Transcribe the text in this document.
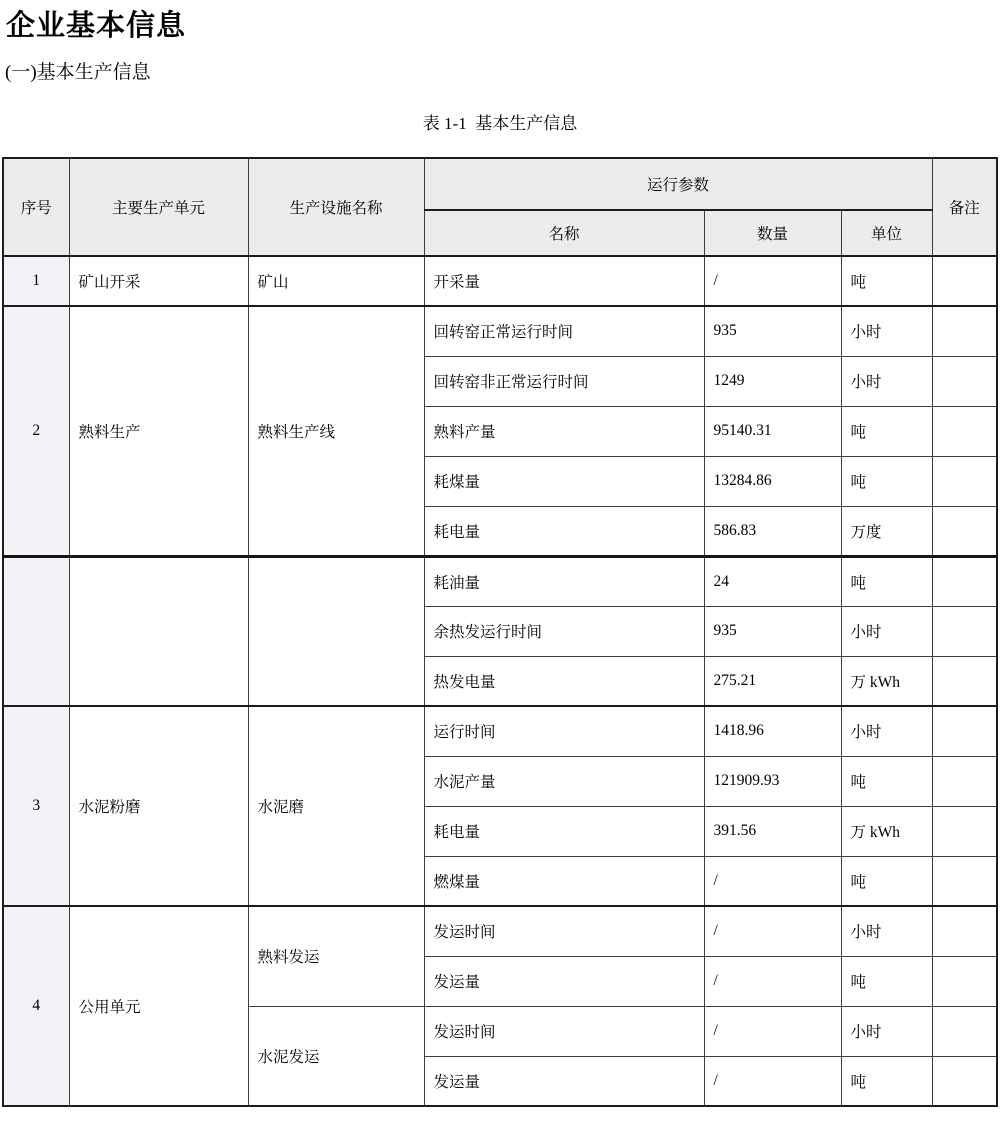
企业基本信息
(一)基本生产信息
表 1-1  基本生产信息
序号	主要生产单元	生产设施名称	运行参数			备注
			名称	数量	单位	
1	矿山开采	矿山	开采量	/	吨	
2	熟料生产	熟料生产线	回转窑正常运行时间	935	小时	
			回转窑非正常运行时间	1249	小时	
			熟料产量	95140.31	吨	
			耗煤量	13284.86	吨	
			耗电量	586.83	万度	
			耗油量	24	吨	
			余热发运行时间	935	小时	
			热发电量	275.21	万 kWh	
3	水泥粉磨	水泥磨	运行时间	1418.96	小时	
			水泥产量	121909.93	吨	
			耗电量	391.56	万 kWh	
			燃煤量	/	吨	
4	公用单元	熟料发运	发运时间	/	小时	
			发运量	/	吨	
		水泥发运	发运时间	/	小时	
			发运量	/	吨	
